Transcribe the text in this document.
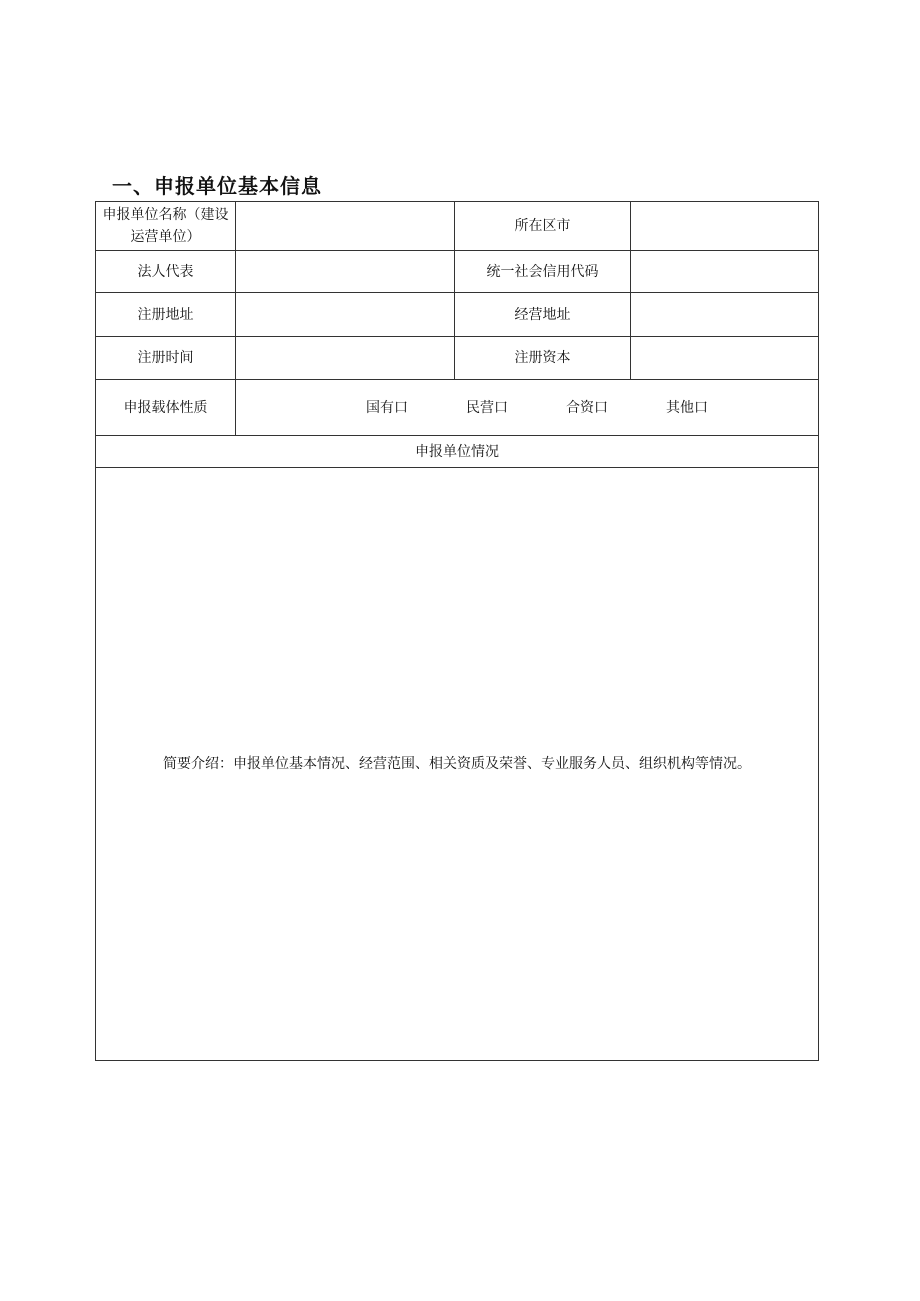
一、申报单位基本信息
申报单位名称（建设运营单位）		所在区市	
法人代表		统一社会信用代码	
注册地址		经营地址	
注册时间		注册资本	
申报载体性质	国有口 民营口 合资口 其他口		

申报单位情况			
简要介绍：申报单位基本情况、经营范围、相关资质及荣誉、专业服务人员、组织机构等情况。			
